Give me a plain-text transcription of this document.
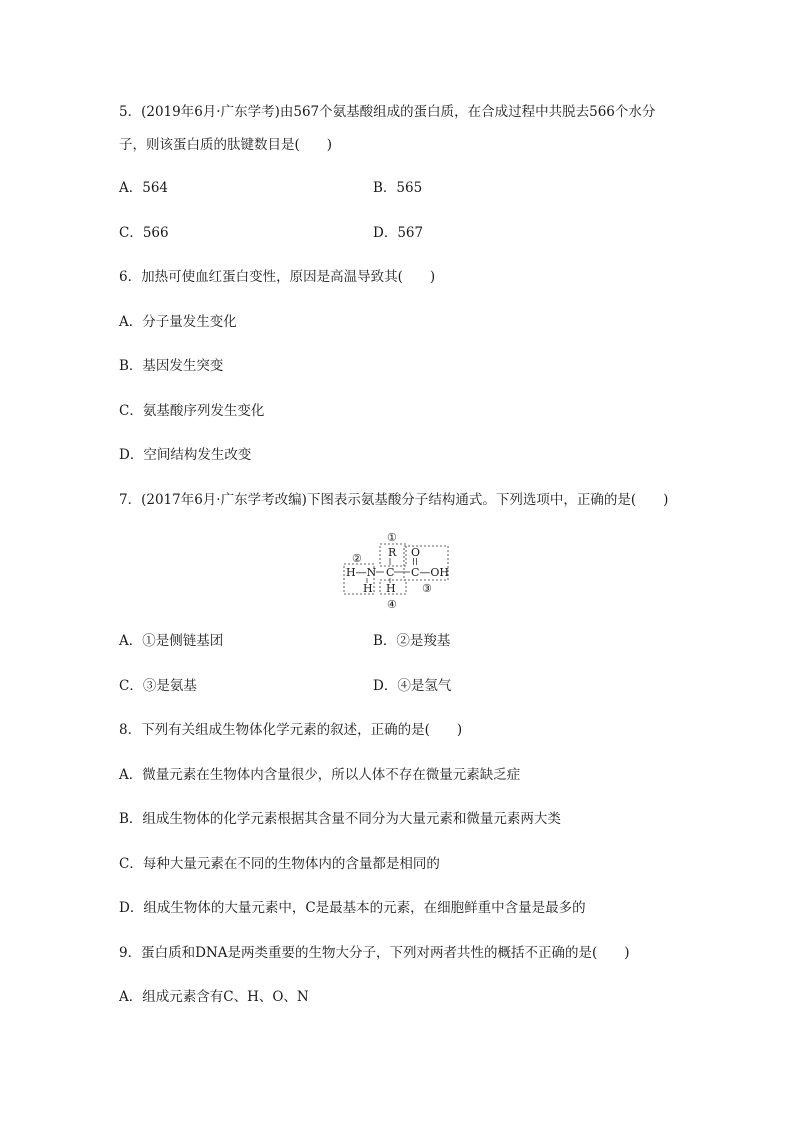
5．(2019年6月·广东学考)由567个氨基酸组成的蛋白质，在合成过程中共脱去566个水分
子，则该蛋白质的肽键数目是(　　)
A．564	B．565
C．566	D．567
6．加热可使血红蛋白变性，原因是高温导致其(　　)
A．分子量发生变化
B．基因发生突变
C．氨基酸序列发生变化
D．空间结构发生改变
7．(2017年6月·广东学考改编)下图表示氨基酸分子结构通式。下列选项中，正确的是(　　)
①
②
③
④
R
H—N C C—OH
O
H H
A．①是侧链基团	B．②是羧基
C．③是氨基	D．④是氢气
8．下列有关组成生物体化学元素的叙述，正确的是(　　)
A．微量元素在生物体内含量很少，所以人体不存在微量元素缺乏症
B．组成生物体的化学元素根据其含量不同分为大量元素和微量元素两大类
C．每种大量元素在不同的生物体内的含量都是相同的
D．组成生物体的大量元素中，C是最基本的元素，在细胞鲜重中含量是最多的
9．蛋白质和DNA是两类重要的生物大分子，下列对两者共性的概括不正确的是(　　)
A．组成元素含有C、H、O、N
